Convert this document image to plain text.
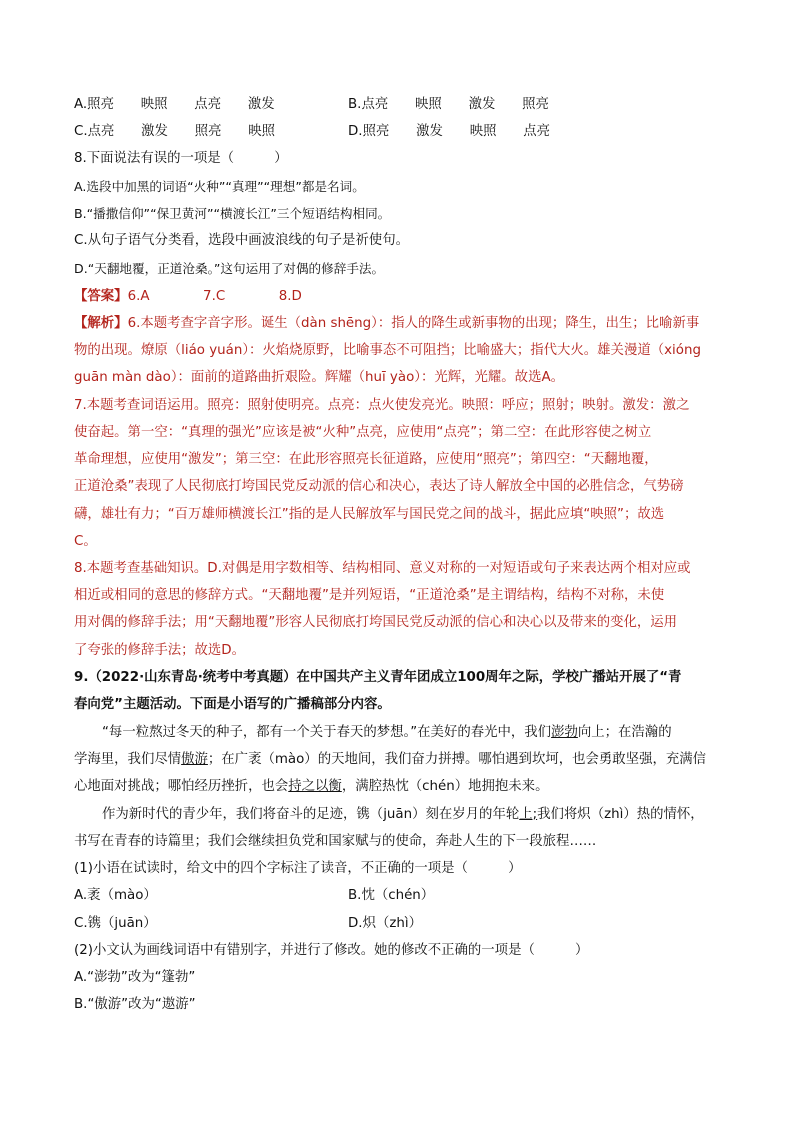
A.照亮　　映照　　点亮　　激发	B.点亮　　映照　　激发　　照亮
C.点亮　　激发　　照亮　　映照	D.照亮　　激发　　映照　　点亮
8.下面说法有误的一项是（　　　）
A.选段中加黑的词语“火种”“真理”“理想”都是名词。
B.“播撒信仰”“保卫黄河”“横渡长江”三个短语结构相同。
C.从句子语气分类看，选段中画波浪线的句子是祈使句。
D.“天翻地覆，正道沧桑。”这句运用了对偶的修辞手法。
【答案】6.A　　　　7.C　　　　8.D
【解析】6.本题考查字音字形。诞生（dàn shēng）：指人的降生或新事物的出现；降生，出生；比喻新事
物的出现。燎原（liáo yuán）：火焰烧原野，比喻事态不可阻挡；比喻盛大；指代大火。雄关漫道（xióng
guān màn dào）：面前的道路曲折艰险。辉耀（huī yào）：光辉，光耀。故选A。
7.本题考查词语运用。照亮：照射使明亮。点亮：点火使发亮光。映照：呼应；照射；映射。激发：激之
使奋起。第一空：“真理的强光”应该是被“火种”点亮，应使用“点亮”；第二空：在此形容使之树立
革命理想，应使用“激发”；第三空：在此形容照亮长征道路，应使用“照亮”；第四空：“天翻地覆，
正道沧桑”表现了人民彻底打垮国民党反动派的信心和决心，表达了诗人解放全中国的必胜信念，气势磅
礴，雄壮有力；“百万雄师横渡长江”指的是人民解放军与国民党之间的战斗，据此应填“映照”；故选
C。
8.本题考查基础知识。D.对偶是用字数相等、结构相同、意义对称的一对短语或句子来表达两个相对应或
相近或相同的意思的修辞方式。“天翻地覆”是并列短语，“正道沧桑”是主谓结构，结构不对称，未使
用对偶的修辞手法；用“天翻地覆”形容人民彻底打垮国民党反动派的信心和决心以及带来的变化，运用
了夸张的修辞手法；故选D。
9.（2022·山东青岛·统考中考真题）在中国共产主义青年团成立100周年之际，学校广播站开展了“青
春向党”主题活动。下面是小语写的广播稿部分内容。
“每一粒熬过冬天的种子，都有一个关于春天的梦想。”在美好的春光中，我们澎勃向上；在浩瀚的
学海里，我们尽情傲游；在广袤（mào）的天地间，我们奋力拼搏。哪怕遇到坎坷，也会勇敢坚强，充满信
心地面对挑战；哪怕经历挫折，也会持之以衡，满腔热忱（chén）地拥抱未来。
作为新时代的青少年，我们将奋斗的足迹，镌（juān）刻在岁月的年轮上;我们将炽（zhì）热的情怀，
书写在青春的诗篇里；我们会继续担负党和国家赋与的使命，奔赴人生的下一段旅程……
(1)小语在试读时，给文中的四个字标注了读音，不正确的一项是（　　　）
A.袤（mào）	B.忱（chén）
C.镌（juān）	D.炽（zhì）
(2)小文认为画线词语中有错别字，并进行了修改。她的修改不正确的一项是（　　　）
A.“澎勃”改为“篷勃”
B.“傲游”改为“遨游”
